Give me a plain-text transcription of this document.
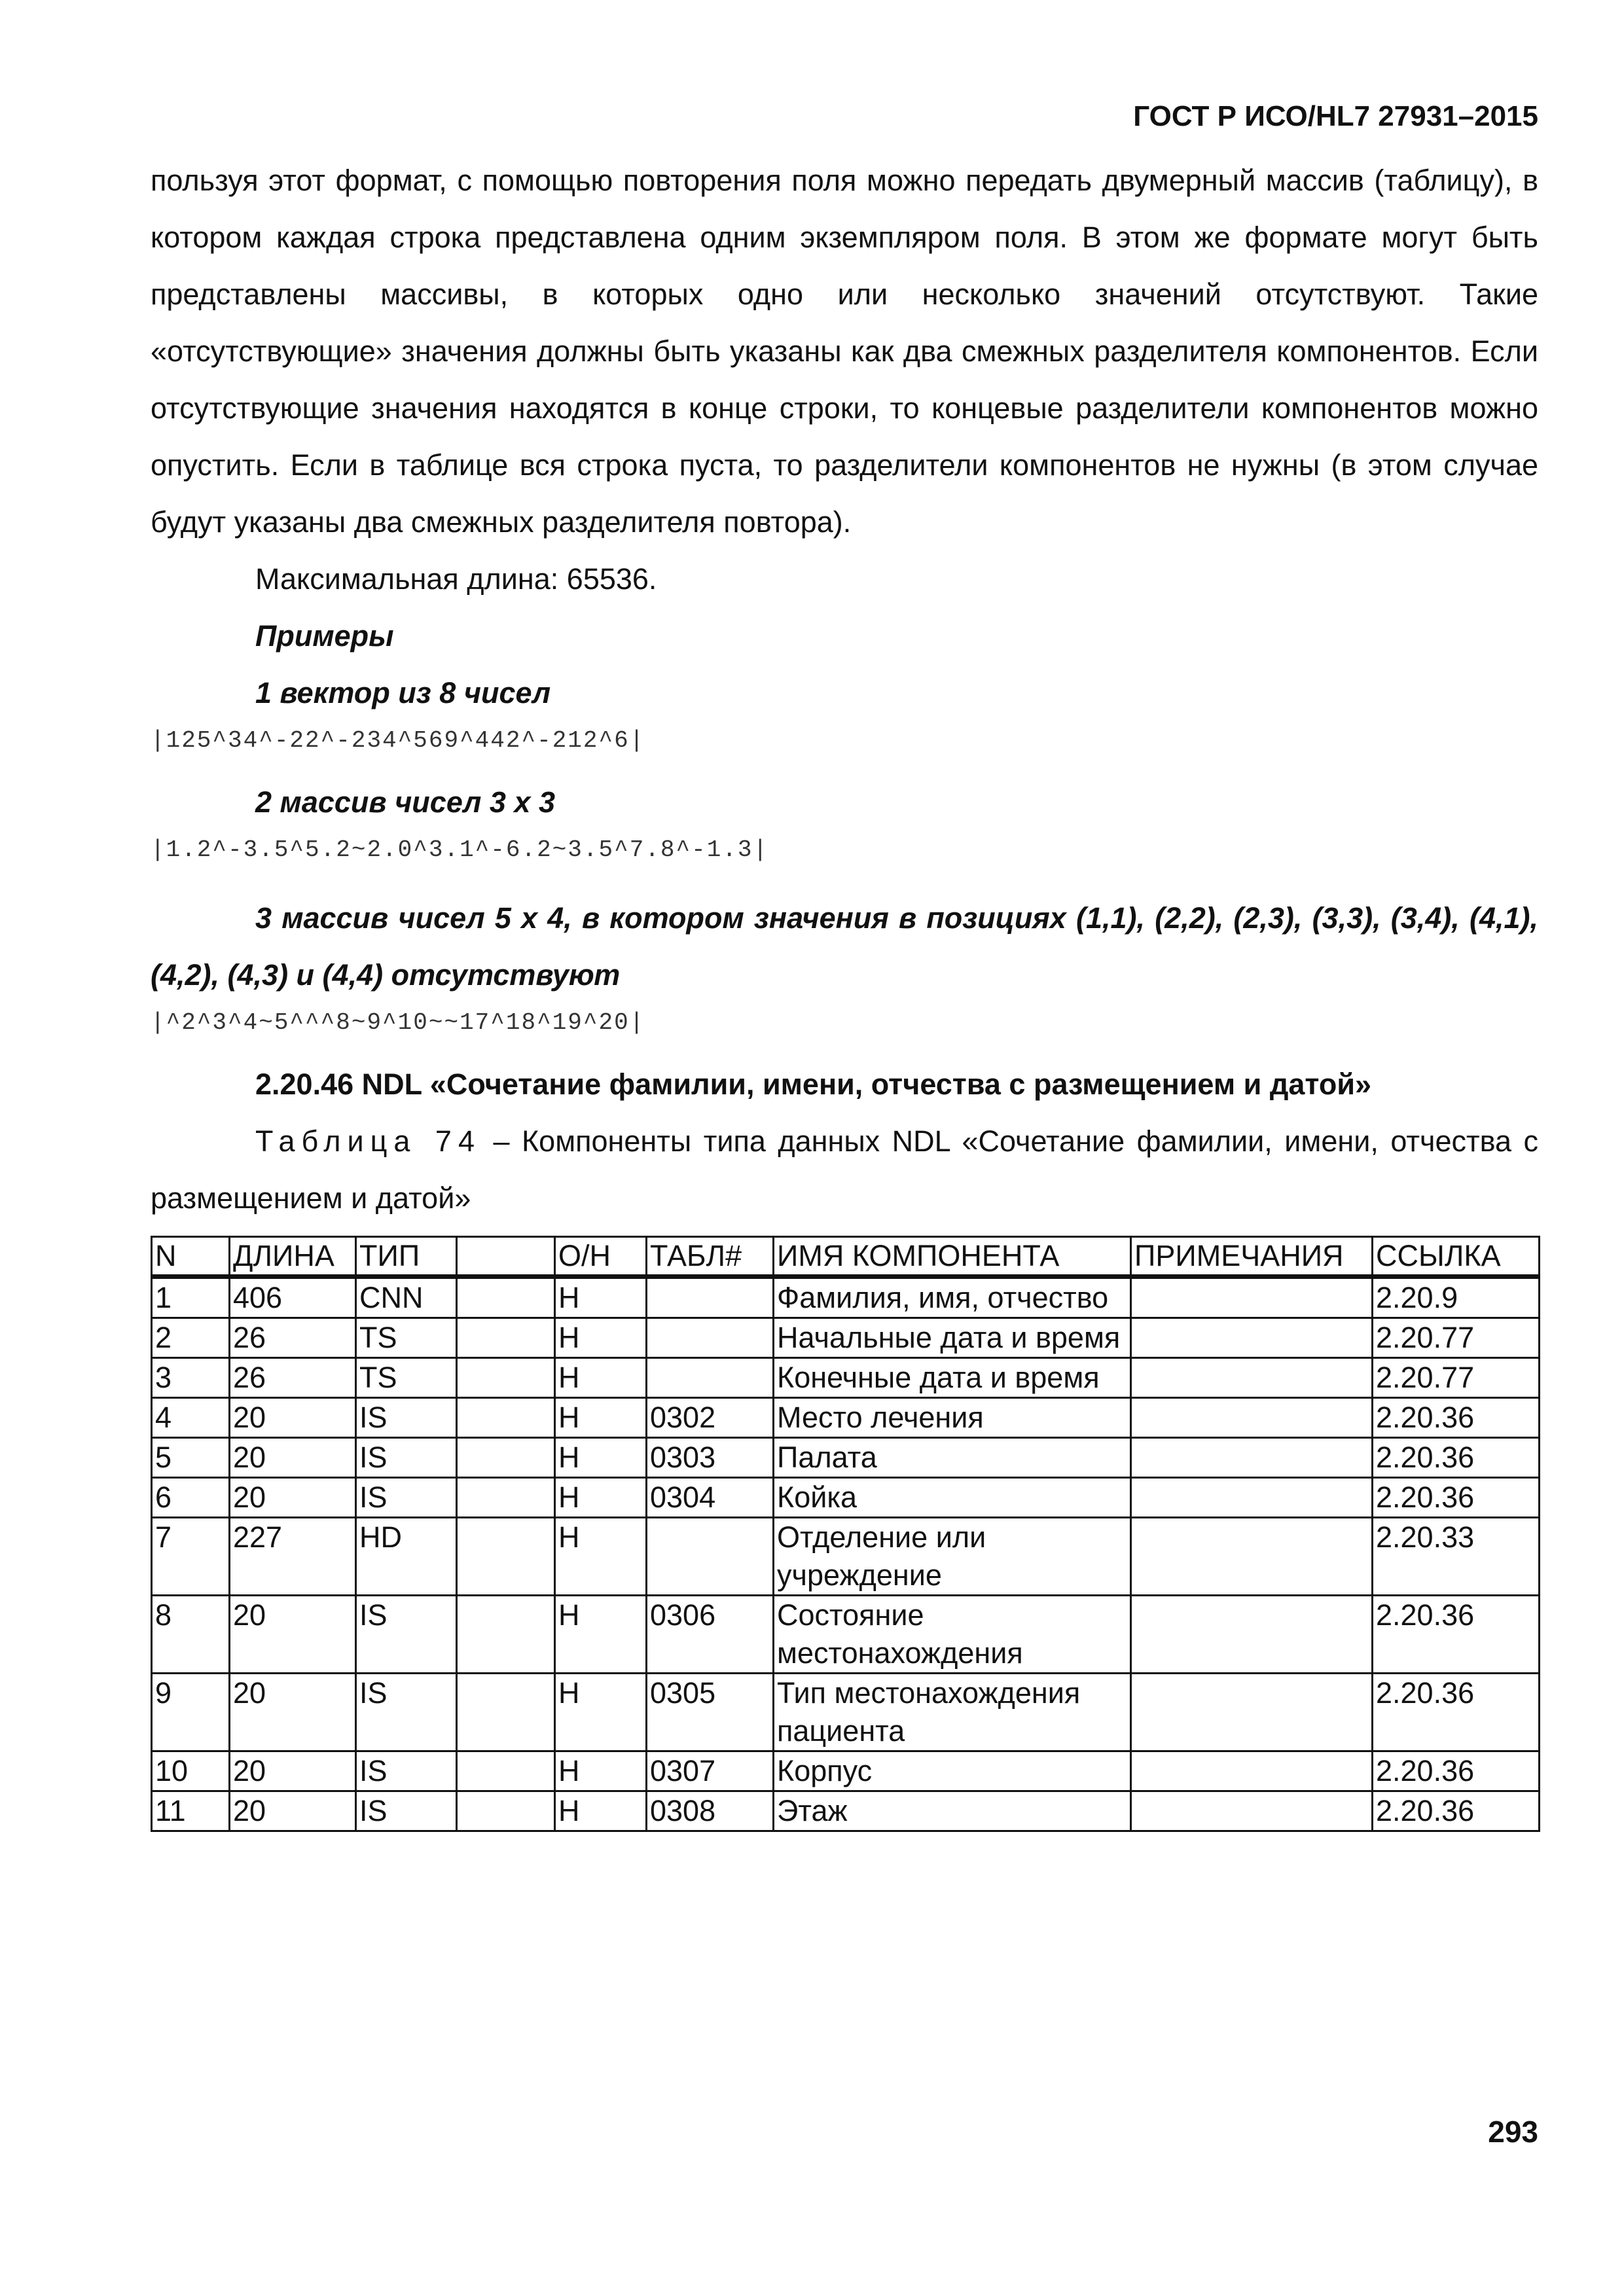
ГОСТ Р ИСО/HL7 27931–2015

пользуя этот формат, с помощью повторения поля можно передать двумерный массив (таблицу), в котором каждая строка представлена одним экземпляром поля. В этом же формате могут быть представлены массивы, в которых одно или несколько значений отсутствуют. Такие «отсутствующие» значения должны быть указаны как два смежных разделителя компонентов. Если отсутствующие значения находятся в конце строки, то концевые разделители компонентов можно опустить. Если в таблице вся строка пуста, то разделители компонентов не нужны (в этом случае будут указаны два смежных разделителя повтора).

Максимальная длина: 65536.

Примеры

1 вектор из 8 чисел

|125^34^-22^-234^569^442^-212^6|

2 массив чисел 3 x 3

|1.2^-3.5^5.2~2.0^3.1^-6.2~3.5^7.8^-1.3|

3 массив чисел 5 x 4, в котором значения в позициях (1,1), (2,2), (2,3), (3,3), (3,4), (4,1), (4,2), (4,3) и (4,4) отсутствуют

|^2^3^4~5^^^8~9^10~~17^18^19^20|

2.20.46 NDL «Сочетание фамилии, имени, отчества с размещением и датой»

Таблица 74 – Компоненты типа данных NDL «Сочетание фамилии, имени, отчества с размещением и датой»

N	ДЛИНА	ТИП		О/Н	ТАБЛ#	ИМЯ КОМПОНЕНТА	ПРИМЕЧАНИЯ	ССЫЛКА
1	406	CNN		Н		Фамилия, имя, отчество		2.20.9
2	26	TS		Н		Начальные дата и время		2.20.77
3	26	TS		Н		Конечные дата и время		2.20.77
4	20	IS		Н	0302	Место лечения		2.20.36
5	20	IS		Н	0303	Палата		2.20.36
6	20	IS		Н	0304	Койка		2.20.36
7	227	HD		Н		Отделение или учреждение		2.20.33
8	20	IS		Н	0306	Состояние местонахождения		2.20.36
9	20	IS		Н	0305	Тип местонахождения пациента		2.20.36
10	20	IS		Н	0307	Корпус		2.20.36
11	20	IS		Н	0308	Этаж		2.20.36
293
